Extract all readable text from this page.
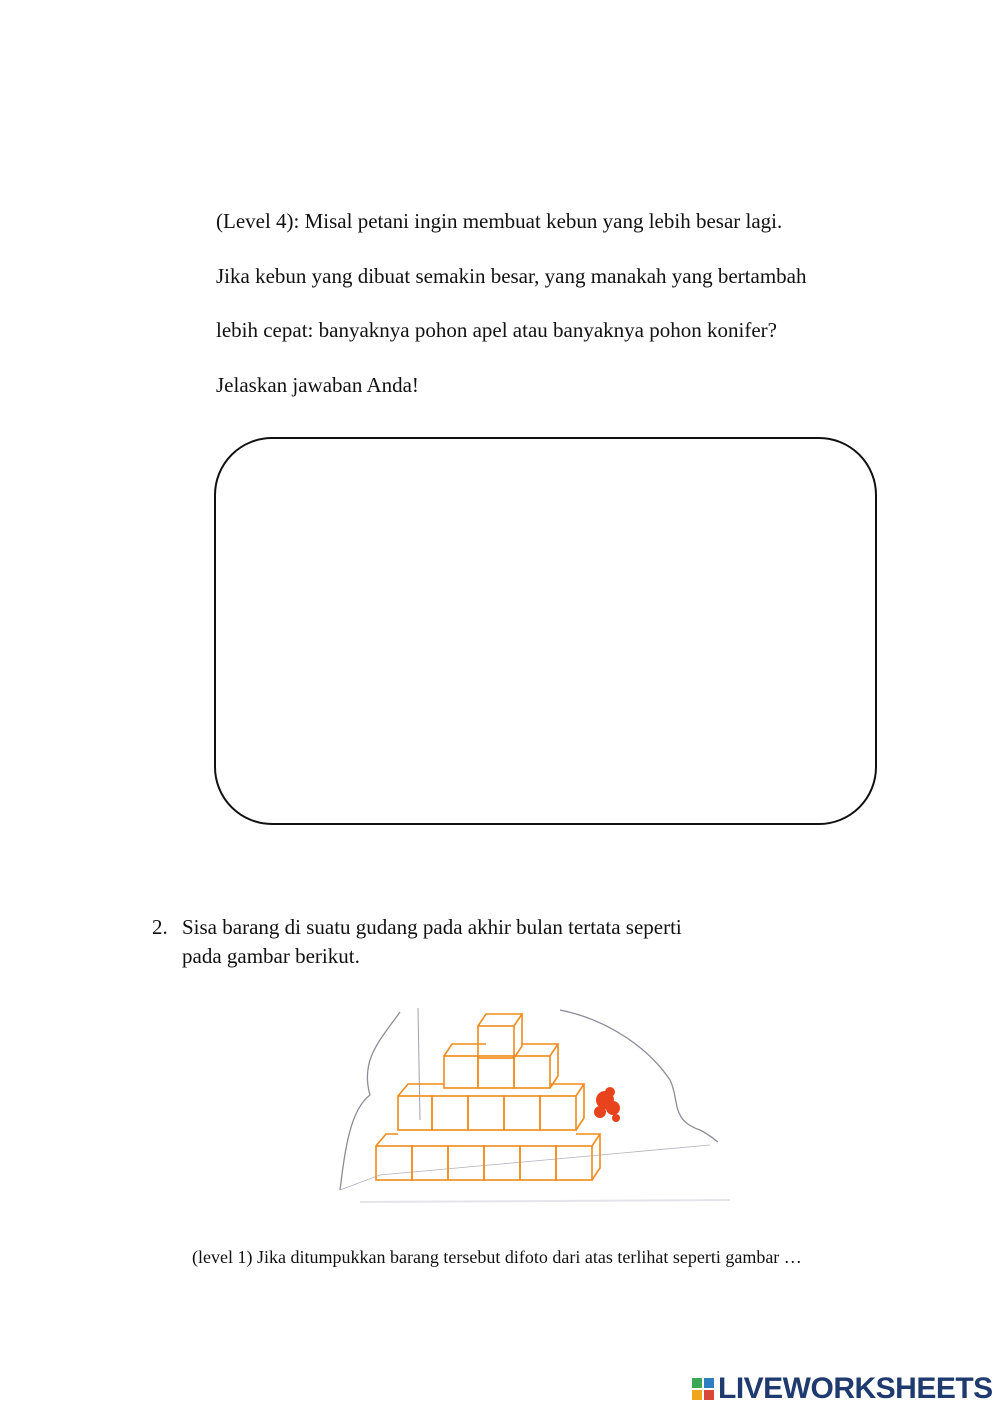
(Level 4): Misal petani ingin membuat kebun yang lebih besar lagi.
Jika kebun yang dibuat semakin besar, yang manakah yang bertambah
lebih cepat: banyaknya pohon apel atau banyaknya pohon konifer?
Jelaskan jawaban Anda!
2. Sisa barang di suatu gudang pada akhir bulan tertata seperti
pada gambar berikut.
(level 1) Jika ditumpukkan barang tersebut difoto dari atas terlihat seperti gambar …
LIVEWORKSHEETS
